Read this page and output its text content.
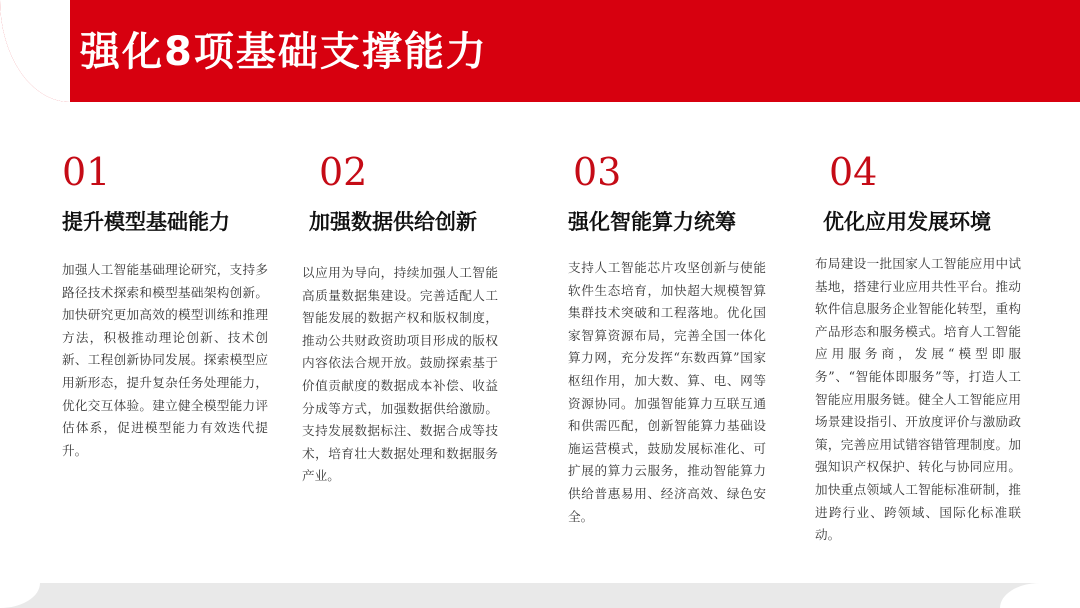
强化8项基础支撑能力
01
提升模型基础能力
加强人工智能基础理论研究，支持多路径技术探索和模型基础架构创新。加快研究更加高效的模型训练和推理方法，积极推动理论创新、技术创新、工程创新协同发展。探索模型应用新形态，提升复杂任务处理能力，优化交互体验。建立健全模型能力评估体系，促进模型能力有效迭代提升。
02
加强数据供给创新
以应用为导向，持续加强人工智能高质量数据集建设。完善适配人工智能发展的数据产权和版权制度，推动公共财政资助项目形成的版权内容依法合规开放。鼓励探索基于价值贡献度的数据成本补偿、收益分成等方式，加强数据供给激励。支持发展数据标注、数据合成等技术，培育壮大数据处理和数据服务产业。
03
强化智能算力统筹
支持人工智能芯片攻坚创新与使能软件生态培育，加快超大规模智算集群技术突破和工程落地。优化国家智算资源布局，完善全国一体化算力网，充分发挥“东数西算”国家枢纽作用，加大数、算、电、网等资源协同。加强智能算力互联互通和供需匹配，创新智能算力基础设施运营模式，鼓励发展标准化、可扩展的算力云服务，推动智能算力供给普惠易用、经济高效、绿色安全。
04
优化应用发展环境
布局建设一批国家人工智能应用中试基地，搭建行业应用共性平台。推动软件信息服务企业智能化转型，重构产品形态和服务模式。培育人工智能应用服务商，发展“模型即服务”、“智能体即服务”等，打造人工智能应用服务链。健全人工智能应用场景建设指引、开放度评价与激励政策，完善应用试错容错管理制度。加强知识产权保护、转化与协同应用。加快重点领域人工智能标准研制，推进跨行业、跨领域、国际化标准联动。
